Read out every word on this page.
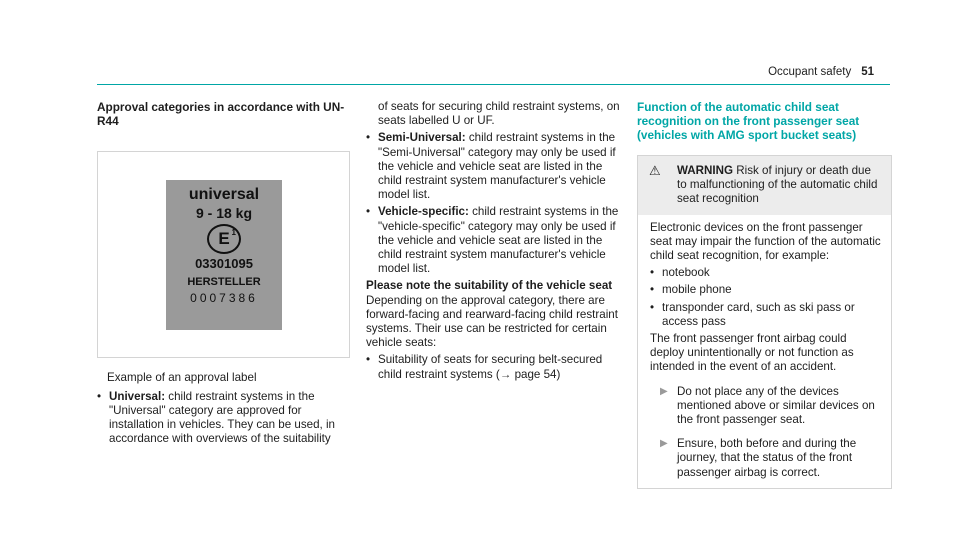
Occupant safety 51
Approval categories in accordance with UN-R44
universal
9 - 18 kg
E 1
03301095
HERSTELLER
0007386

Example of an approval label

• Universal: child restraint systems in the "Universal" category are approved for installation in vehicles. They can be used, in accordance with overviews of the suitability

of seats for securing child restraint systems, on seats labelled U or UF.

• Semi-Universal: child restraint systems in the "Semi-Universal" category may only be used if the vehicle and vehicle seat are listed in the child restraint system manufacturer's vehicle model list.
• Vehicle-specific: child restraint systems in the "vehicle-specific" category may only be used if the vehicle and vehicle seat are listed in the child restraint system manufacturer's vehicle model list.

Please note the suitability of the vehicle seat

Depending on the approval category, there are forward-facing and rearward-facing child restraint systems. Their use can be restricted for certain vehicle seats:

• Suitability of seats for securing belt-secured child restraint systems (→ page 54)
Function of the automatic child seat recognition on the front passenger seat (vehicles with AMG sport bucket seats)
⚠	WARNING Risk of injury or death due to malfunctioning of the automatic child seat recognition

Electronic devices on the front passenger seat may impair the function of the automatic child seat recognition, for example:

• notebook
• mobile phone
• transponder card, such as ski pass or access pass

The front passenger front airbag could deploy unintentionally or not function as intended in the event of an accident.

▶ Do not place any of the devices mentioned above or similar devices on the front passenger seat.

▶ Ensure, both before and during the journey, that the status of the front passenger airbag is correct.
